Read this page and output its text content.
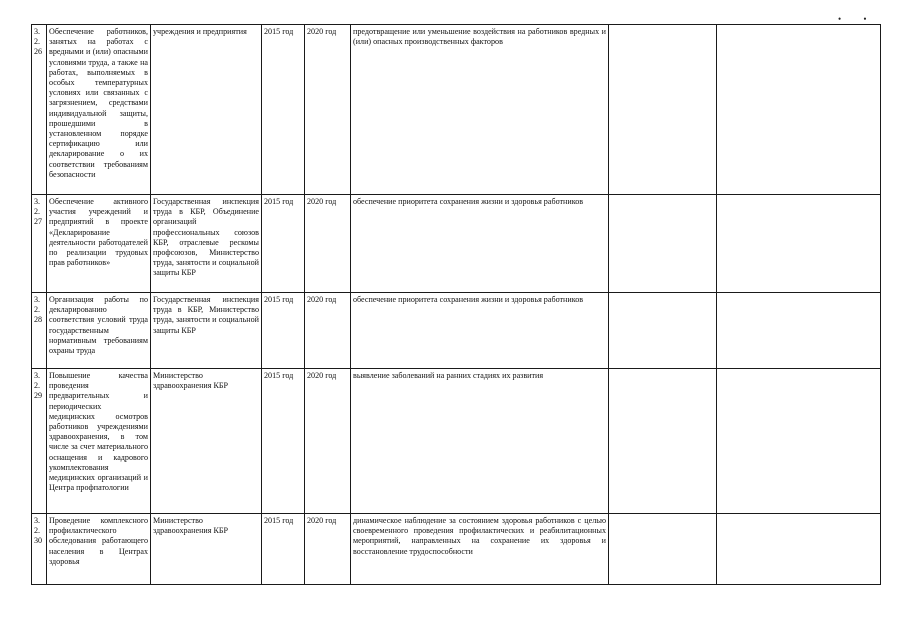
• •
3.2.26	Обеспечение работников, занятых на работах с вредными и (или) опасными условиями труда, а также на работах, выполняемых в особых температурных условиях или связанных с загрязнением, средствами индивидуальной защиты, прошедшими в установленном порядке сертификацию или декларирование о их соответствии требованиям безопасности	учреждения и предприятия	2015 год	2020 год	предотвращение или уменьшение воздействия на работников вредных и (или) опасных производственных факторов		
3.2.27	Обеспечение активного участия учреждений и предприятий в проекте «Декларирование деятельности работодателей по реализации трудовых прав работников»	Государственная инспекция труда в КБР, Объединение организаций профессиональных союзов КБР, отраслевые рескомы профсоюзов, Министерство труда, занятости и социальной защиты КБР	2015 год	2020 год	обеспечение приоритета сохранения жизни и здоровья работников		
3.2.28	Организация работы по декларированию соответствия условий труда государственным нормативным требованиям охраны труда	Государственная инспекция труда в КБР, Министерство труда, занятости и социальной защиты КБР	2015 год	2020 год	обеспечение приоритета сохранения жизни и здоровья работников		
3.2.29	Повышение качества проведения предварительных и периодических медицинских осмотров работников учреждениями здравоохранения, в том числе за счет материального оснащения и кадрового укомплектования медицинских организаций и Центра профпатологии	Министерство здравоохранения КБР	2015 год	2020 год	выявление заболеваний на ранних стадиях их развития		
3.2.30	Проведение комплексного профилактического обследования работающего населения в Центрах здоровья	Министерство здравоохранения КБР	2015 год	2020 год	динамическое наблюдение за состоянием здоровья работников с целью своевременного проведения профилактических и реабилитационных мероприятий, направленных на сохранение их здоровья и восстановление трудоспособности		
